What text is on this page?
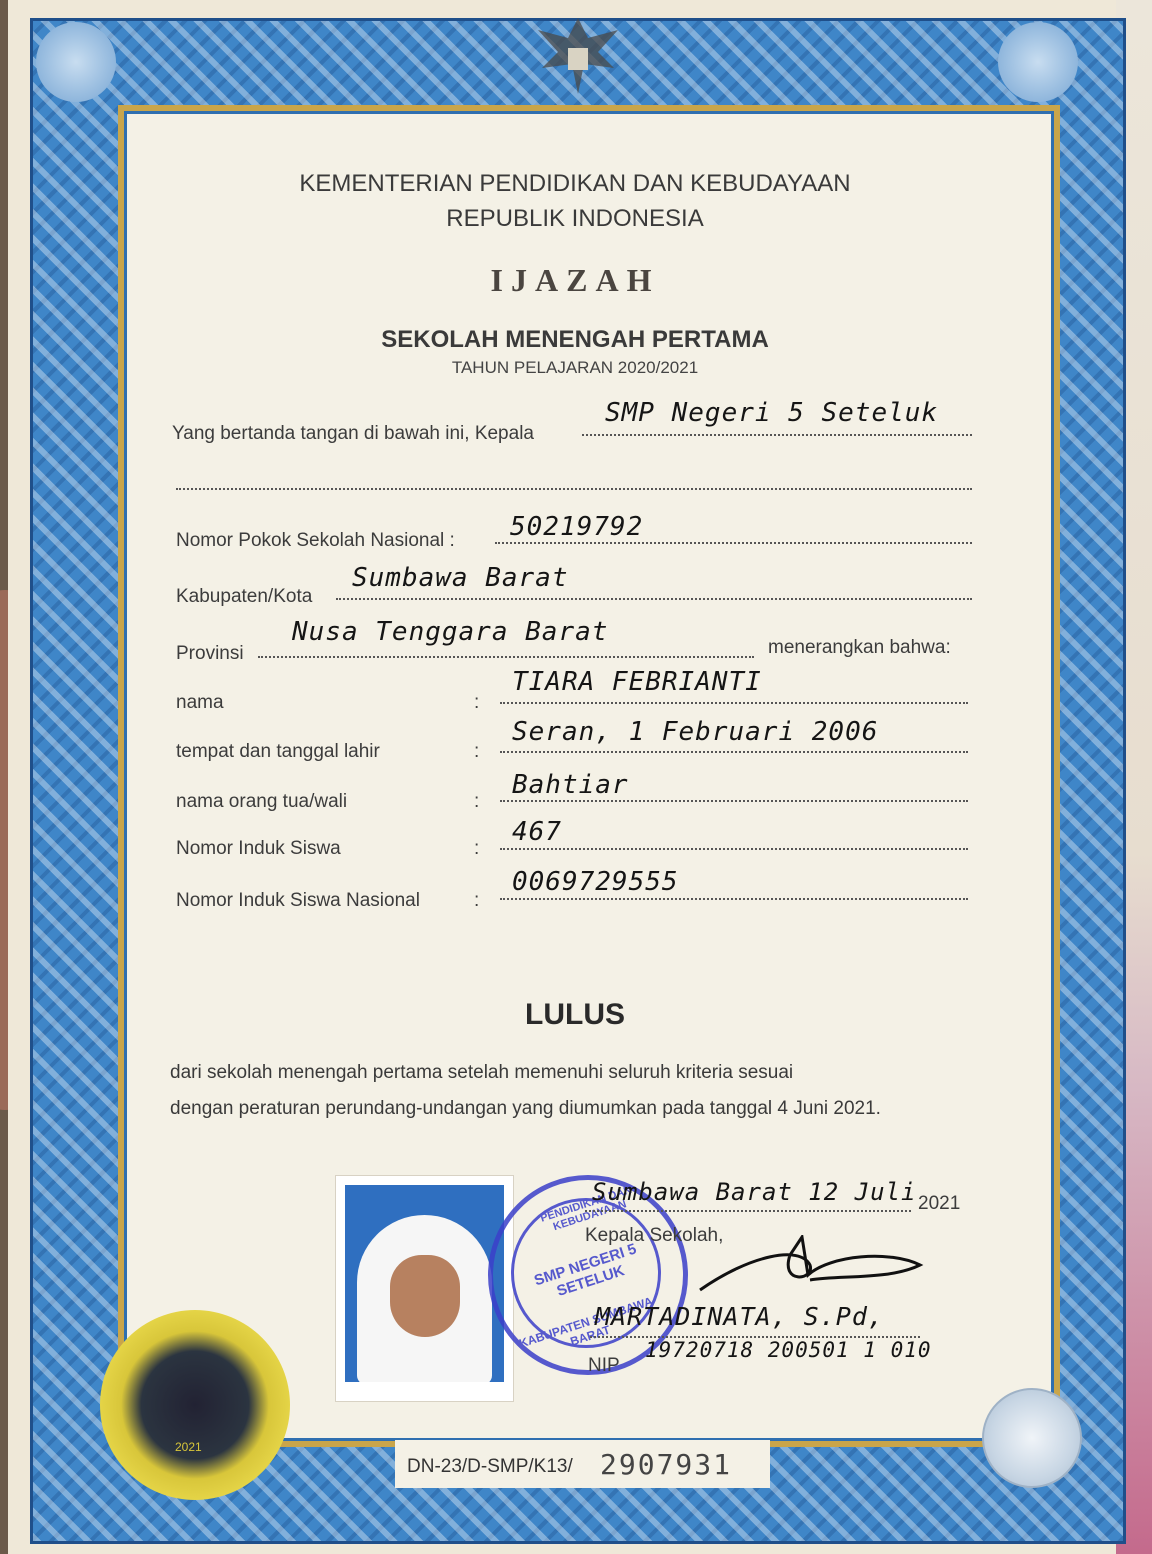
KEMENTERIAN PENDIDIKAN DAN KEBUDAYAAN
REPUBLIK INDONESIA
IJAZAH
SEKOLAH MENENGAH PERTAMA
TAHUN PELAJARAN 2020/2021
Yang bertanda tangan di bawah ini, Kepala
SMP Negeri 5 Seteluk
Nomor Pokok Sekolah Nasional : 50219792
Kabupaten/Kota
Sumbawa Barat
Provinsi
Nusa Tenggara Barat
menerangkan bahwa:
nama	:
TIARA FEBRIANTI
tempat dan tanggal lahir	:
Seran, 1 Februari 2006
nama orang tua/wali	:
Bahtiar
Nomor Induk Siswa	:
467
Nomor Induk Siswa Nasional	:
0069729555
LULUS
dari sekolah menengah pertama setelah memenuhi seluruh kriteria sesuai
dengan peraturan perundang-undangan yang diumumkan pada tanggal 4 Juni 2021.
PENDIDIKAN DAN KEBUDAYAAN
SMP NEGERI 5 SETELUK
KABUPATEN SUMBAWA BARAT
Sumbawa Barat 12 Juli 2021
Kepala Sekolah,
MARTADINATA, S.Pd,
NIP
19720718 200501 1 010
2021
DN-23/D-SMP/K13/ 2907931
